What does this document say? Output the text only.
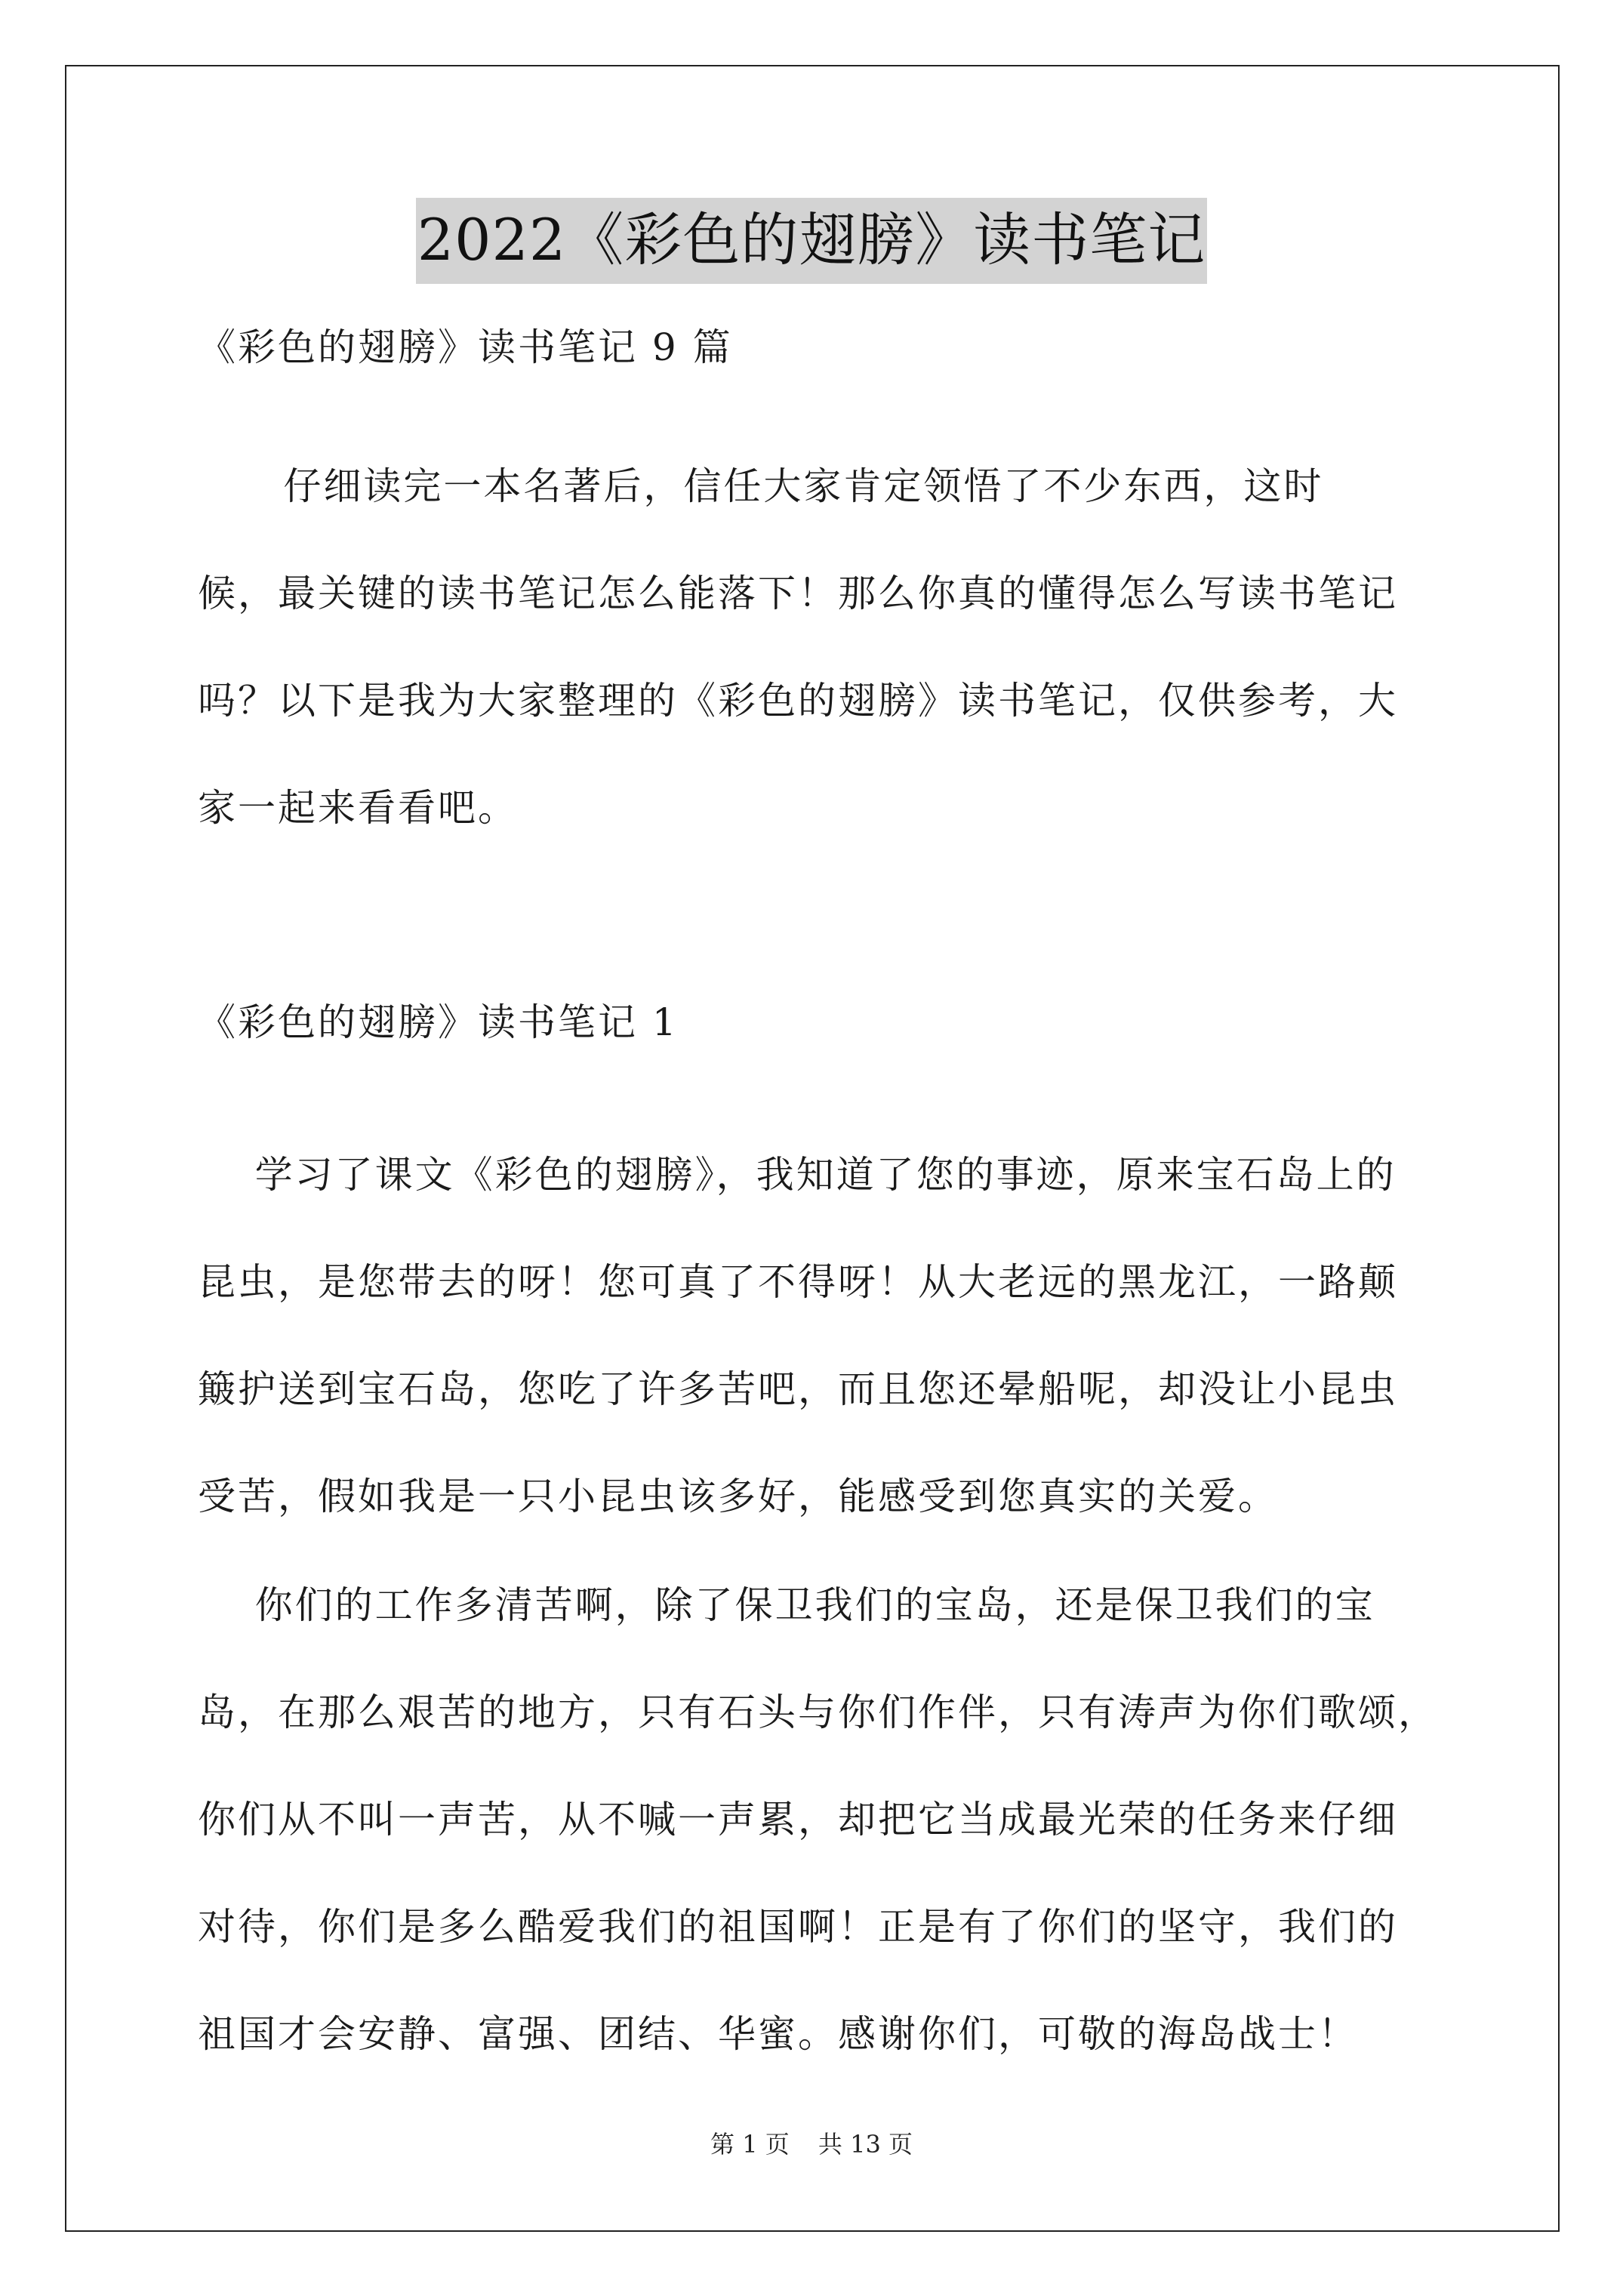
2022《彩色的翅膀》读书笔记
《彩色的翅膀》读书笔记 9 篇
仔细读完一本名著后，信任大家肯定领悟了不少东西，这时
候，最关键的读书笔记怎么能落下！那么你真的懂得怎么写读书笔记
吗？以下是我为大家整理的《彩色的翅膀》读书笔记，仅供参考，大
家一起来看看吧。
《彩色的翅膀》读书笔记 1
学习了课文《彩色的翅膀》，我知道了您的事迹，原来宝石岛上的
昆虫，是您带去的呀！您可真了不得呀！从大老远的黑龙江，一路颠
簸护送到宝石岛，您吃了许多苦吧，而且您还晕船呢，却没让小昆虫
受苦，假如我是一只小昆虫该多好，能感受到您真实的关爱。
你们的工作多清苦啊，除了保卫我们的宝岛，还是保卫我们的宝
岛，在那么艰苦的地方，只有石头与你们作伴，只有涛声为你们歌颂，
你们从不叫一声苦，从不喊一声累，却把它当成最光荣的任务来仔细
对待，你们是多么酷爱我们的祖国啊！正是有了你们的坚守，我们的
祖国才会安静、富强、团结、华蜜。感谢你们，可敬的海岛战士！
第 1 页 共 13 页
